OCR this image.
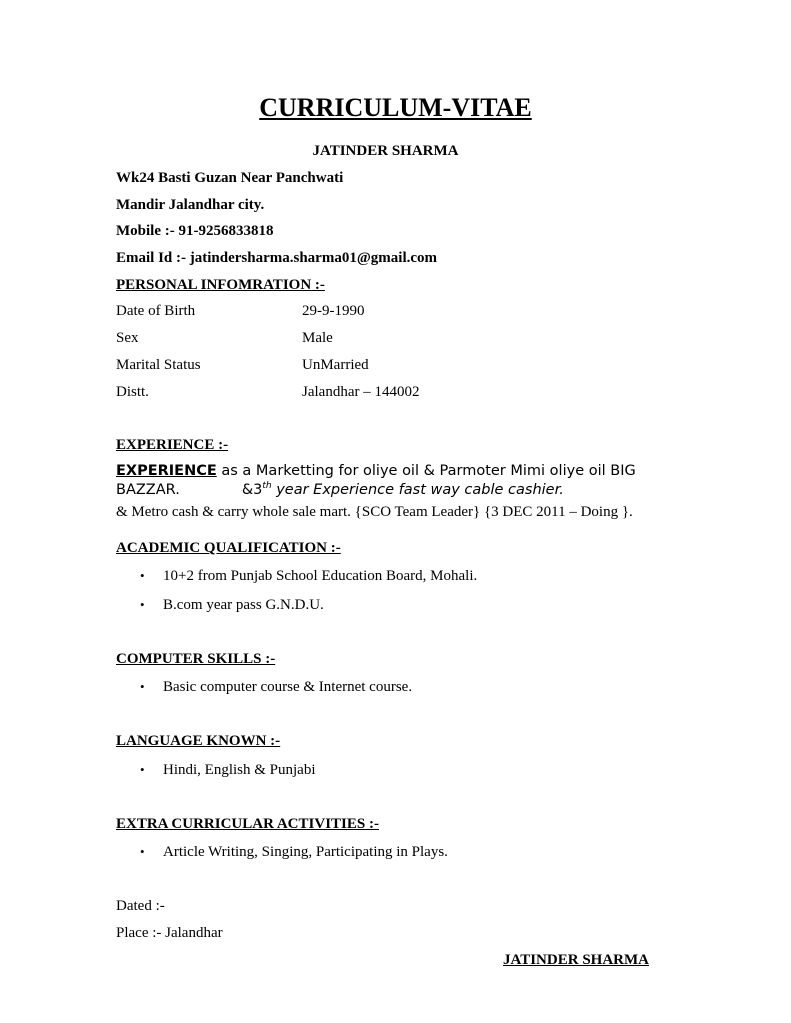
CURRICULUM-VITAE
JATINDER SHARMA
Wk24 Basti Guzan Near Panchwati
Mandir Jalandhar city.
Mobile :- 91-9256833818
Email Id :- jatindersharma.sharma01@gmail.com
PERSONAL INFOMRATION :-
Date of Birth	29-9-1990
Sex	Male
Marital Status	UnMarried
Distt.	Jalandhar – 144002
EXPERIENCE :-
EXPERIENCE as a Marketting for oliye oil & Parmoter Mimi oliye oil BIG
BAZZAR.	&3th year Experience fast way cable cashier.
& Metro cash & carry whole sale mart. {SCO Team Leader} {3 DEC 2011 – Doing }.
ACADEMIC QUALIFICATION :-
• 10+2 from Punjab School Education Board, Mohali.
• B.com year pass G.N.D.U.
COMPUTER SKILLS :-
• Basic computer course & Internet course.
LANGUAGE KNOWN :-
• Hindi, English & Punjabi
EXTRA CURRICULAR ACTIVITIES :-
• Article Writing, Singing, Participating in Plays.
Dated :-
Place :- Jalandhar
JATINDER SHARMA
